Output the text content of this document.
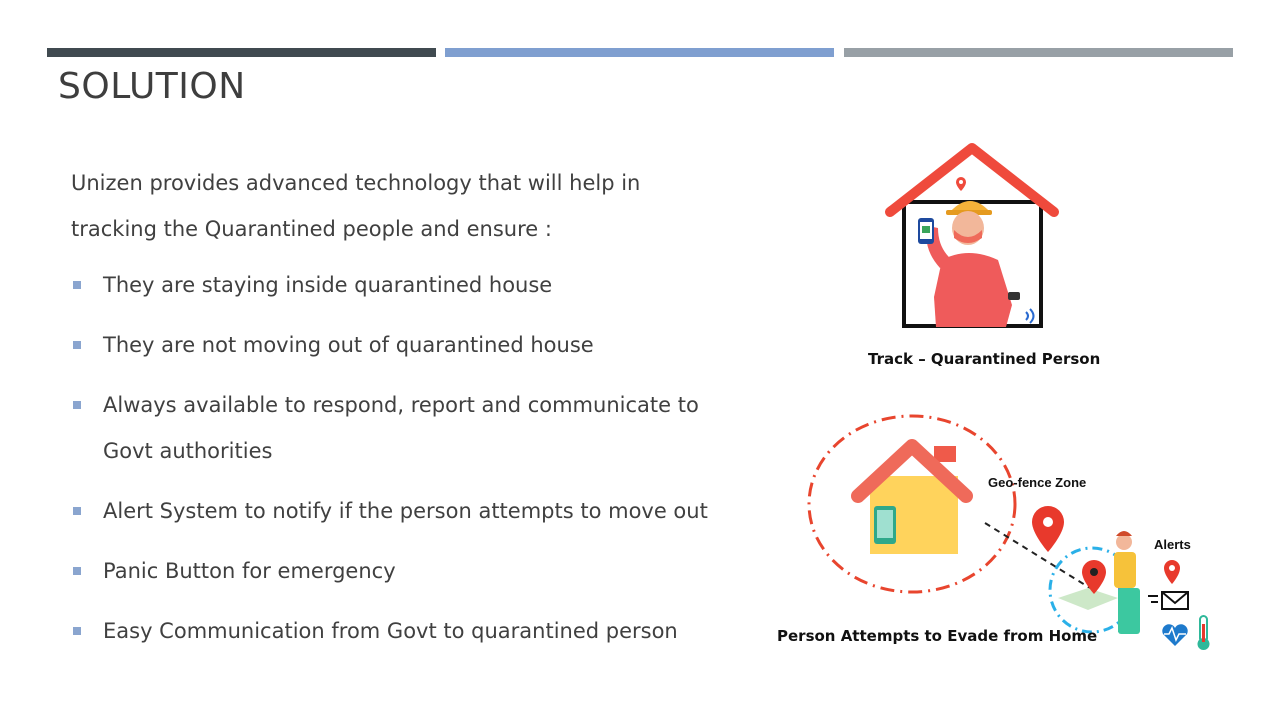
SOLUTION
Unizen provides advanced technology that will help in tracking the Quarantined people and ensure :
They are staying inside quarantined house
They are not moving out of quarantined house
Always available to respond, report and communicate to Govt authorities
Alert System to notify if the person attempts to move out
Panic Button for emergency
Easy Communication from Govt to quarantined person
Track – Quarantined Person
Geo-fence Zone
Alerts
Person Attempts to Evade from Home
